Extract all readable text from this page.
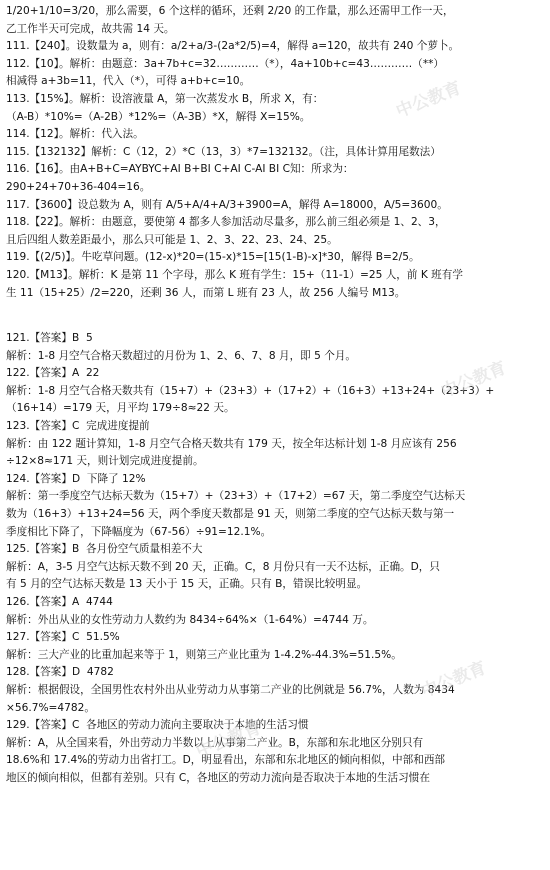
1/20+1/10=3/20，那么需要，6 个这样的循环，还剩 2/20 的工作量，那么还需甲工作一天，
乙工作半天可完成，故共需 14 天。
111.【240】。设数量为 a，则有：a/2+a/3-(2a*2/5)=4，解得 a=120，故共有 240 个萝卜。
112.【10】。解析：由题意：3a+7b+c=32…………（*），4a+10b+c=43…………（**）
相减得 a+3b=11，代入（*），可得 a+b+c=10。
113.【15%】。解析：设溶液量 A，第一次蒸发水 B，所求 X，有：
（A-B）*10%=（A-2B）*12%=（A-3B）*X，解得 X=15%。
114.【12】。解析：代入法。
115.【132132】解析：C（12，2）*C（13，3）*7=132132。（注，具体计算用尾数法）
116.【16】。由A+B+C=AYBYC+AI B+BI C+AI C-AI BI C知：所求为：
290+24+70+36-404=16。
117.【3600】设总数为 A，则有 A/5+A/4+A/3+3900=A，解得 A=18000，A/5=3600。
118.【22】。解析：由题意，要使第 4 都多人参加活动尽量多，那么前三组必须是 1、2、3，
且后四组人数差距最小，那么只可能是 1、2、3、22、23、24、25。
119.【(2/5)】。牛吃草问题。(12-x)*20=(15-x)*15=[15(1-B)-x]*30，解得 B=2/5。
120.【M13】。解析：K 是第 11 个字母，那么 K 班有学生：15+（11-1）=25 人，前 K 班有学
生 11（15+25）/2=220，还剩 36 人，而第 L 班有 23 人，故 256 人编号 M13。
121.【答案】B  5
解析：1-8 月空气合格天数超过的月份为 1、2、6、7、8 月，即 5 个月。
122.【答案】A  22
解析：1-8 月空气合格天数共有（15+7）+（23+3）+（17+2）+（16+3）+13+24+（23+3）+
（16+14）=179 天，月平均 179÷8≈22 天。
123.【答案】C  完成进度提前
解析：由 122 题计算知，1-8 月空气合格天数共有 179 天，按全年达标计划 1-8 月应该有 256
÷12×8≈171 天，则计划完成进度提前。
124.【答案】D  下降了 12%
解析：第一季度空气达标天数为（15+7）+（23+3）+（17+2）=67 天，第二季度空气达标天
数为（16+3）+13+24=56 天，两个季度天数都是 91 天，则第二季度的空气达标天数与第一
季度相比下降了，下降幅度为（67-56）÷91=12.1%。
125.【答案】B  各月份空气质量相差不大
解析：A，3-5 月空气达标天数不到 20 天，正确。C，8 月份只有一天不达标，正确。D，只
有 5 月的空气达标天数是 13 天小于 15 天，正确。只有 B，错误比较明显。
126.【答案】A  4744
解析：外出从业的女性劳动力人数约为 8434÷64%×（1-64%）=4744 万。
127.【答案】C  51.5%
解析：三大产业的比重加起来等于 1，则第三产业比重为 1-4.2%-44.3%=51.5%。
128.【答案】D  4782
解析：根据假设，全国男性农村外出从业劳动力从事第二产业的比例就是 56.7%，人数为 8434
×56.7%=4782。
129.【答案】C  各地区的劳动力流向主要取决于本地的生活习惯
解析：A，从全国来看，外出劳动力半数以上从事第二产业。B，东部和东北地区分别只有
18.6%和 17.4%的劳动力出省打工。D，明显看出，东部和东北地区的倾向相似，中部和西部
地区的倾向相似，但都有差别。只有 C，各地区的劳动力流向是否取决于本地的生活习惯在
中公教育
中公教育
中公教育
中公教育
